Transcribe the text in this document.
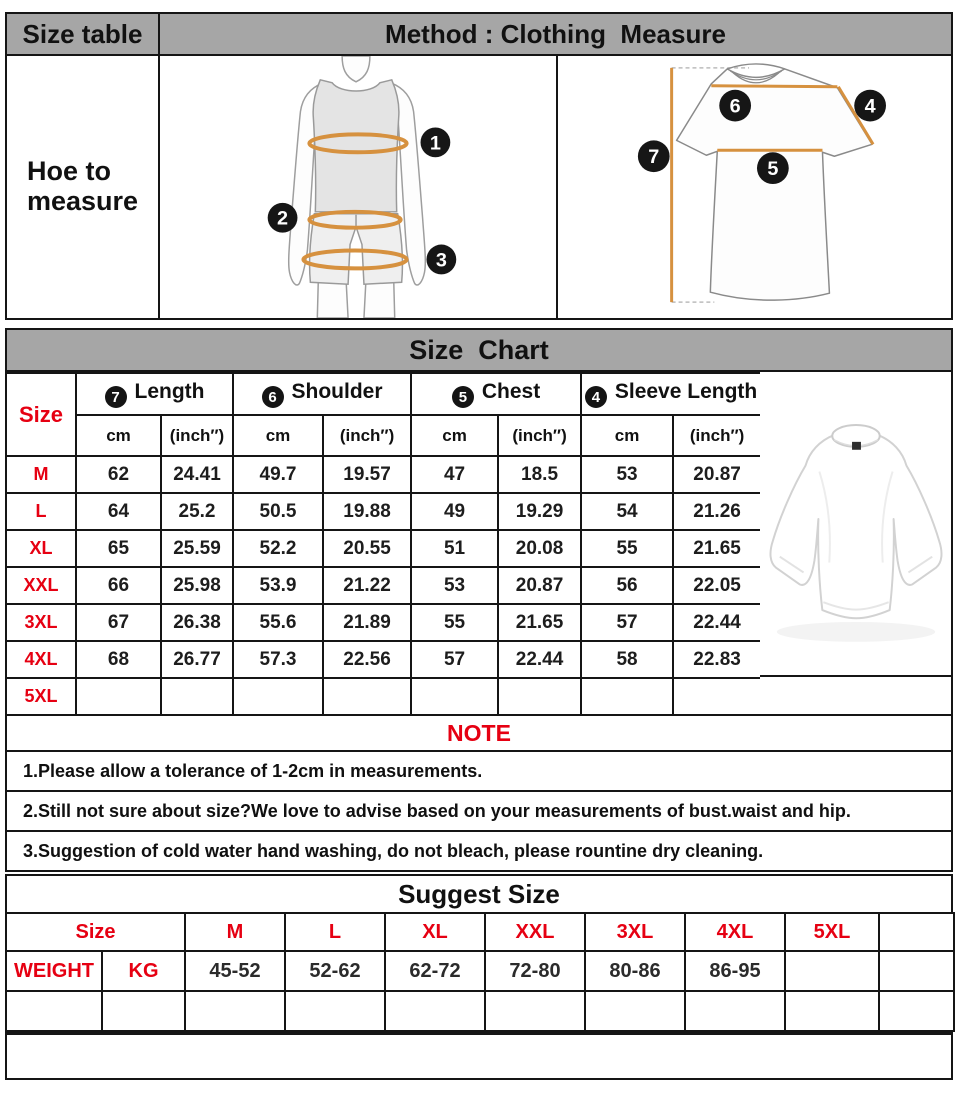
Size table	Method : Clothing  Measure
Hoe to
measure
1
2
3
7
6
5
4
Size  Chart
Size	7 Length		6 Shoulder		5 Chest		4 Sleeve Length	
	cm	(inch″)	cm	(inch″)	cm	(inch″)	cm	(inch″)
M	62	24.41	49.7	19.57	47	18.5	53	20.87
L	64	25.2	50.5	19.88	49	19.29	54	21.26
XL	65	25.59	52.2	20.55	51	20.08	55	21.65
XXL	66	25.98	53.9	21.22	53	20.87	56	22.05
3XL	67	26.38	55.6	21.89	55	21.65	57	22.44
4XL	68	26.77	57.3	22.56	57	22.44	58	22.83
5XL								
NOTE
1.Please allow a tolerance of 1-2cm in measurements.
2.Still not sure about size?We love to advise based on your measurements of bust.waist and hip.
3.Suggestion of cold water hand washing, do not bleach, please rountine dry cleaning.
Suggest Size
Size		M	L	XL	XXL	3XL	4XL	5XL	
WEIGHT	KG	45-52	52-62	62-72	72-80	80-86	86-95		
